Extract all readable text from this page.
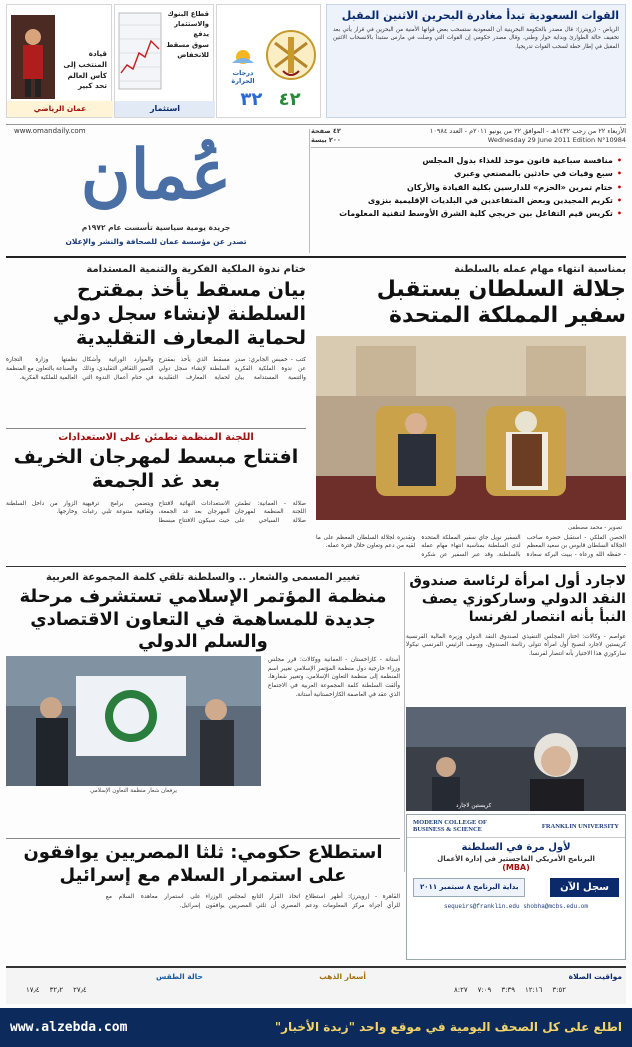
القوات السعودية تبدأ مغادرة البحرين الاثنين المقبل

الرياض - (رويترز): قال مصدر بالحكومة البحرينية أن السعودية ستسحب بعض قواتها الأمنية من البحرين في قرار يأتي بعد تخفيف حالة الطوارئ وبداية حوار وطني. وقال مصدر حكومي إن القوات التي وصلت في مارس ستبدأ بالانسحاب الاثنين المقبل في إطار خطة لسحب القوات تدريجيا.

درجات الحرارة
٤٢ ٣٢
قطاع البنوك
والاستثمار يدفع
سوق مسقط
للانخفاض
استثمار
قيادة
المنتخب إلى
كأس العالم
تحد كبير
عمان الرياضي
الأربعاء ٢٢ من رجب ١٤٣٢هـ - الموافق ٢٢ من يونيو ٢٠١١م - العدد ١٠٩٨٤
Wednesday 29 June 2011 Edition N°10984
٤٢ صفحة
٢٠٠ بيسة
• منافسة سباعية قانون موحد للغذاء بدول المجلس
• سبع وفيات في حادثين بالمصنعي وعبري
• ختام تمرين «الحزم» للدارسين بكلية القيادة والأركان
• تكريم المجيدين وبعض المتقاعدين في البلديات الإقليمية بنزوى
• تكريس قيم التفاعل بين خريجي كلية الشرق الأوسط لتقنية المعلومات
www.omandaily.com
عُمان
جريدة يومية سياسية تأسست عام ١٩٧٢م
تصدر عن مؤسسة عمان للصحافة والنشر والإعلان
بمناسبة انتهاء مهام عمله بالسلطنة
جلالة السلطان يستقبل سفير المملكة المتحدة
تصوير - محمد مصطفى
الحصن الملكي - استقبل حضرة صاحب الجلالة السلطان قابوس بن سعيد المعظم - حفظه الله ورعاه - ببيت البركة سعادة السفير نويل جاي سفير المملكة المتحدة لدى السلطنة بمناسبة انتهاء مهام عمله بالسلطنة. وقد عبر السفير عن شكره وتقديره لجلالة السلطان المعظم على ما لقيه من دعم وتعاون خلال فترة عمله.
ختام ندوة الملكية الفكرية والتنمية المستدامة
بيان مسقط يأخذ بمقترح السلطنة لإنشاء سجل دولي لحماية المعارف التقليدية
كتب - خميس الجابري: صدر عن ندوة الملكية الفكرية والتنمية المستدامة بيان مسقط الذي يأخذ بمقترح السلطنة لإنشاء سجل دولي لحماية المعارف التقليدية والموارد الوراثية وأشكال التعبير الثقافي التقليدي، وذلك في ختام أعمال الندوة التي نظمتها وزارة التجارة والصناعة بالتعاون مع المنظمة العالمية للملكية الفكرية.
اللجنة المنظمة تطمئن على الاستعدادات
افتتاح مبسط لمهرجان الخريف بعد غد الجمعة
صلالة - العمانية: تطمئن اللجنة المنظمة لمهرجان صلالة السياحي على الاستعدادات النهائية لافتتاح المهرجان بعد غد الجمعة، حيث سيكون الافتتاح مبسطا ويتضمن برامج ترفيهية وثقافية متنوعة تلبي رغبات الزوار من داخل السلطنة وخارجها.
لاجارد أول امرأة لرئاسة صندوق النقد الدولي وساركوزي يصف النبأ بأنه انتصار لفرنسا
عواصم - وكالات: اختار المجلس التنفيذي لصندوق النقد الدولي وزيرة المالية الفرنسية كريستين لاجارد لتصبح أول امرأة تتولى رئاسة الصندوق، ووصف الرئيس الفرنسي نيكولا ساركوزي هذا الاختيار بأنه انتصار لفرنسا.
كريستين لاجارد
تغيير المسمى والشعار .. والسلطنة تلقي كلمة المجموعة العربية
منظمة المؤتمر الإسلامي تستشرف مرحلة جديدة للمساهمة في التعاون الاقتصادي والسلم الدولي
يرفعان شعار منظمة التعاون الإسلامي
أستانة - كازاخستان - العمانية ووكالات: قرر مجلس وزراء خارجية دول منظمة المؤتمر الإسلامي تغيير اسم المنظمة إلى منظمة التعاون الإسلامي، وتغيير شعارها، وألقت السلطنة كلمة المجموعة العربية في الاجتماع الذي عقد في العاصمة الكازاخستانية أستانة.
MODERN COLLEGE OF BUSINESS & SCIENCE	FRANKLIN UNIVERSITY
لأول مرة في السلطنة
البرنامج الأمريكي الماجستير في إدارة الأعمال
(MBA)
سجل الآن
بداية البرنامج ٨ سبتمبر ٢٠١١
sequeirs@franklin.edu shobha@mcbs.edu.om
استطلاع حكومي: ثلثا المصريين يوافقون على استمرار السلام مع إسرائيل
القاهرة - (رويترز): أظهر استطلاع للرأي أجراه مركز المعلومات ودعم اتخاذ القرار التابع لمجلس الوزراء المصري أن ثلثي المصريين يوافقون على استمرار معاهدة السلام مع إسرائيل.
مواقيت الصلاة
أسعار الذهب
حالة الطقس
٣:٥٢
١٢:١٦
٣:٣٩
٧:٠٩
٨:٢٧
٢٧٫٤
٣٢٫٢
١٧٫٤
www.alzebda.com	اطلع على كل الصحف اليومية في موقع واحد "زبدة الأخبار"
